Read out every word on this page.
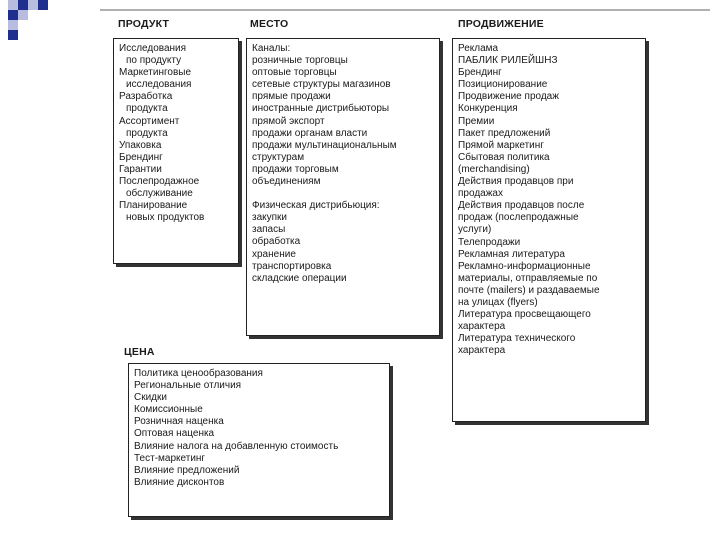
ПРОДУКТ	МЕСТО	ПРОДВИЖЕНИЕ
ЦЕНА
Исследования
по продукту
Маркетинговые
исследования
Разработка
продукта
Ассортимент
продукта
Упаковка
Брендинг
Гарантии
Послепродажное
обслуживание
Планирование
новых продуктов
Каналы:
розничные торговцы
оптовые торговцы
сетевые структуры магазинов
прямые продажи
иностранные дистрибьюторы
прямой экспорт
продажи органам власти
продажи мультинациональным
структурам
продажи торговым
объединениям
Физическая дистрибьюция:
закупки
запасы
обработка
хранение
транспортировка
складские операции
Реклама
ПАБЛИК РИЛЕЙШНЗ
Брендинг
Позиционирование
Продвижение продаж
Конкуренция
Премии
Пакет предложений
Прямой маркетинг
Сбытовая политика
(merchandising)
Действия продавцов при
продажах
Действия продавцов после
продаж (послепродажные
услуги)
Телепродажи
Рекламная литература
Рекламно-информационные
материалы, отправляемые по
почте (mailers) и раздаваемые
на улицах (flyers)
Литература просвещающего
характера
Литература технического
характера
Политика ценообразования
Региональные отличия
Скидки
Комиссионные
Розничная наценка
Оптовая наценка
Влияние налога на добавленную стоимость
Тест-маркетинг
Влияние предложений
Влияние дисконтов
